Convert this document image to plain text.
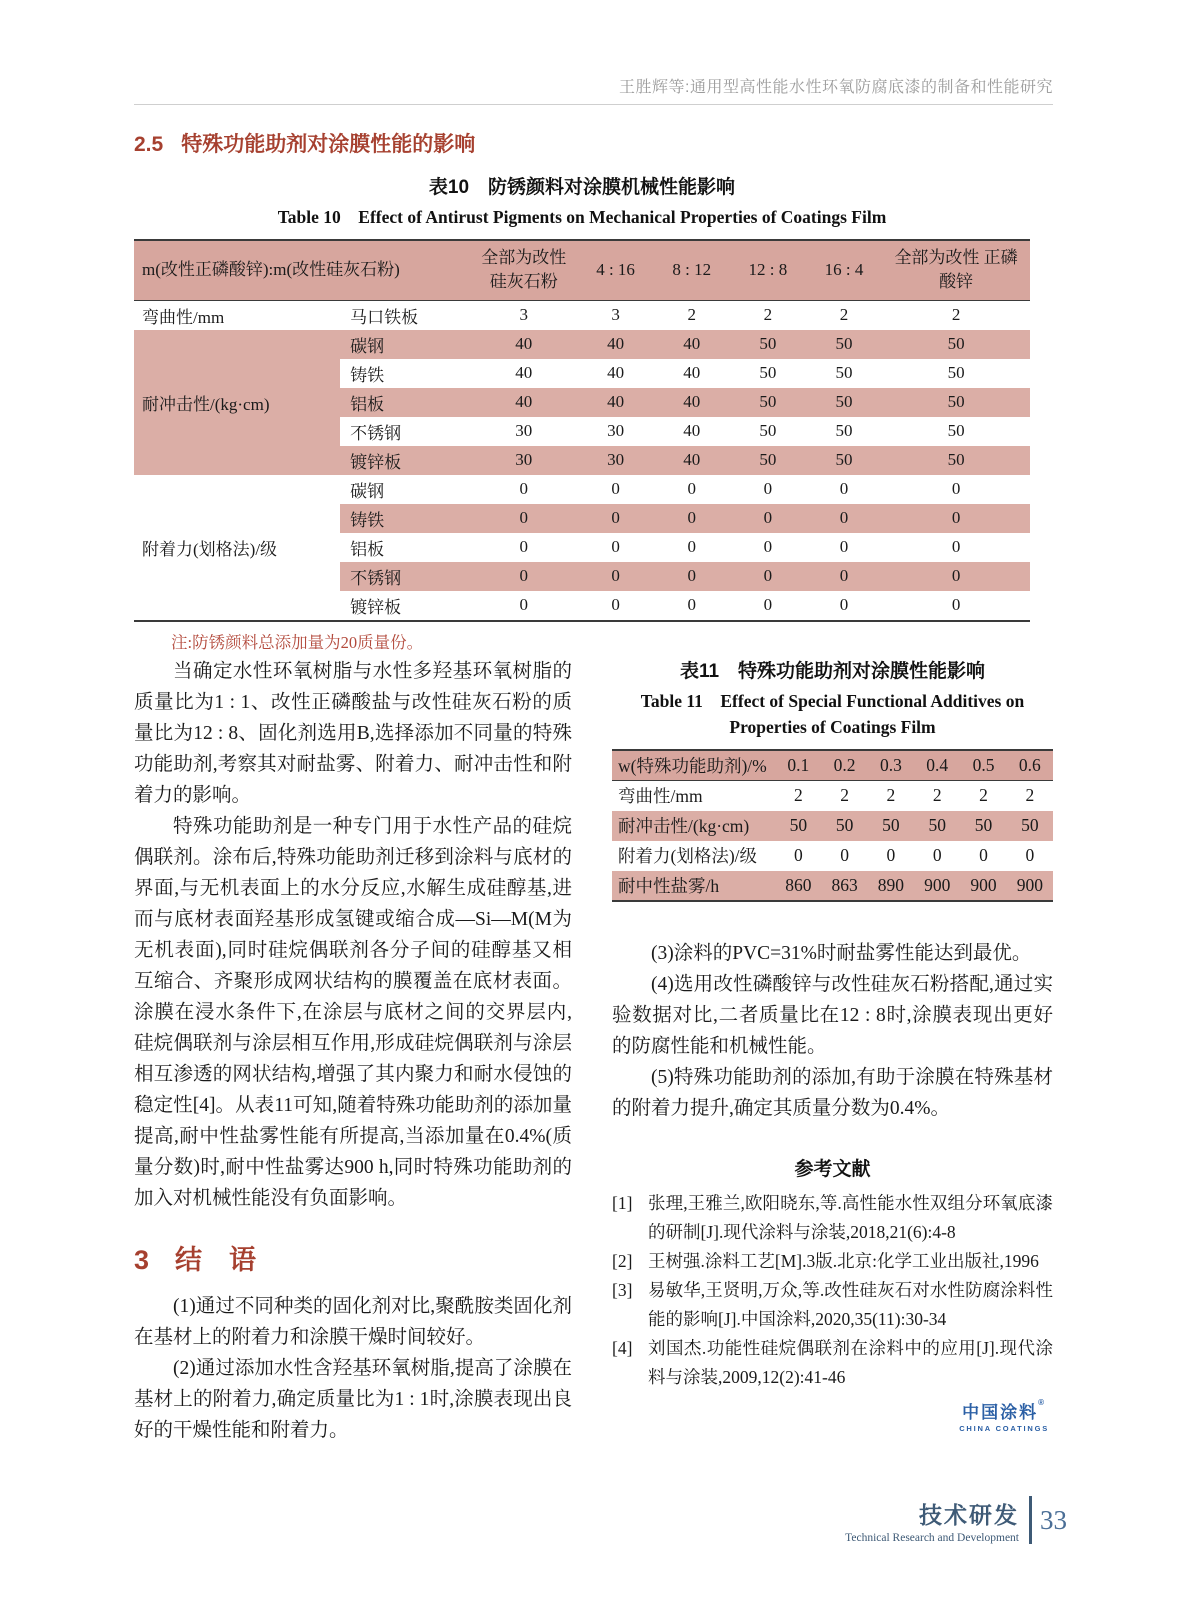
王胜辉等:通用型高性能水性环氧防腐底漆的制备和性能研究
2.5 特殊功能助剂对涂膜性能的影响
表10　防锈颜料对涂膜机械性能影响
Table 10　Effect of Antirust Pigments on Mechanical Properties of Coatings Film
m(改性正磷酸锌):m(改性硅灰石粉)		全部为改性 硅灰石粉	4 : 16	8 : 12	12 : 8	16 : 4	全部为改性 正磷酸锌
弯曲性/mm	马口铁板	3	3	2	2	2	2
耐冲击性/(kg·cm)	碳钢	40	40	40	50	50	50
	铸铁	40	40	40	50	50	50
	铝板	40	40	40	50	50	50
	不锈钢	30	30	40	50	50	50
	镀锌板	30	30	40	50	50	50
附着力(划格法)/级	碳钢	0	0	0	0	0	0
	铸铁	0	0	0	0	0	0
	铝板	0	0	0	0	0	0
	不锈钢	0	0	0	0	0	0
	镀锌板	0	0	0	0	0	0
注:防锈颜料总添加量为20质量份。

当确定水性环氧树脂与水性多羟基环氧树脂的质量比为1 : 1、改性正磷酸盐与改性硅灰石粉的质量比为12 : 8、固化剂选用B,选择添加不同量的特殊功能助剂,考察其对耐盐雾、附着力、耐冲击性和附着力的影响。

特殊功能助剂是一种专门用于水性产品的硅烷偶联剂。涂布后,特殊功能助剂迁移到涂料与底材的界面,与无机表面上的水分反应,水解生成硅醇基,进而与底材表面羟基形成氢键或缩合成—Si—M(M为无机表面),同时硅烷偶联剂各分子间的硅醇基又相互缩合、齐聚形成网状结构的膜覆盖在底材表面。涂膜在浸水条件下,在涂层与底材之间的交界层内,硅烷偶联剂与涂层相互作用,形成硅烷偶联剂与涂层相互渗透的网状结构,增强了其内聚力和耐水侵蚀的稳定性[4]。从表11可知,随着特殊功能助剂的添加量提高,耐中性盐雾性能有所提高,当添加量在0.4%(质量分数)时,耐中性盐雾达900 h,同时特殊功能助剂的加入对机械性能没有负面影响。

3 结　语

(1)通过不同种类的固化剂对比,聚酰胺类固化剂在基材上的附着力和涂膜干燥时间较好。

(2)通过添加水性含羟基环氧树脂,提高了涂膜在基材上的附着力,确定质量比为1 : 1时,涂膜表现出良好的干燥性能和附着力。

表11　特殊功能助剂对涂膜性能影响
Table 11　Effect of Special Functional Additives on
Properties of Coatings Film
w(特殊功能助剂)/%	0.1	0.2	0.3	0.4	0.5	0.6
弯曲性/mm	2	2	2	2	2	2
耐冲击性/(kg·cm)	50	50	50	50	50	50
附着力(划格法)/级	0	0	0	0	0	0
耐中性盐雾/h	860	863	890	900	900	900

(3)涂料的PVC=31%时耐盐雾性能达到最优。

(4)选用改性磷酸锌与改性硅灰石粉搭配,通过实验数据对比,二者质量比在12 : 8时,涂膜表现出更好的防腐性能和机械性能。

(5)特殊功能助剂的添加,有助于涂膜在特殊基材的附着力提升,确定其质量分数为0.4%。

参考文献
[1] 张理,王雅兰,欧阳晓东,等.高性能水性双组分环氧底漆的研制[J].现代涂料与涂装,2018,21(6):4-8
[2] 王树强.涂料工艺[M].3版.北京:化学工业出版社,1996
[3] 易敏华,王贤明,万众,等.改性硅灰石对水性防腐涂料性能的影响[J].中国涂料,2020,35(11):30-34
[4] 刘国杰.功能性硅烷偶联剂在涂料中的应用[J].现代涂料与涂装,2009,12(2):41-46
中国涂料®
CHINA COATINGS
技术研发
Technical Research and Development
33
